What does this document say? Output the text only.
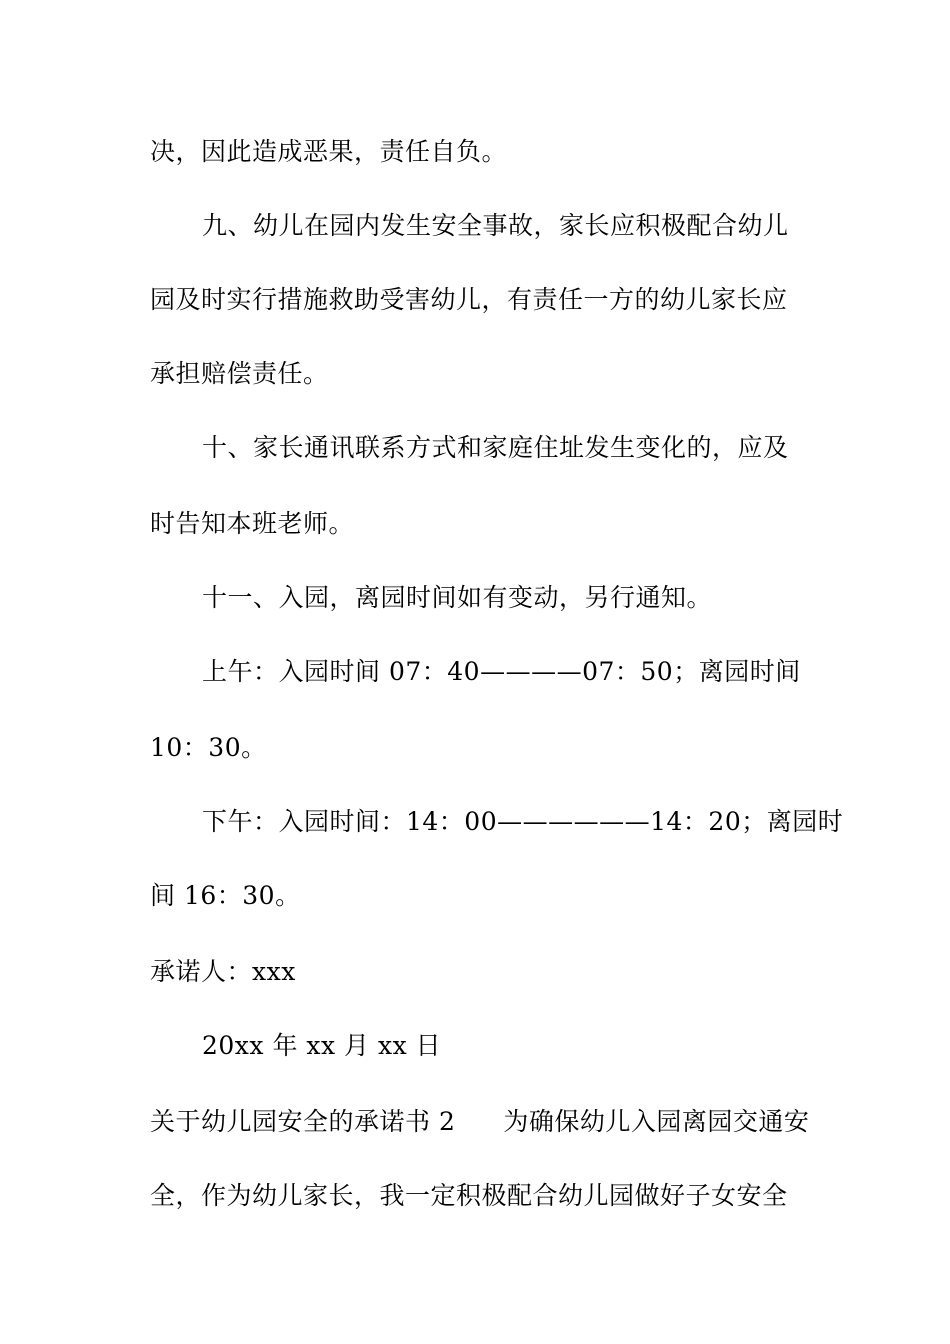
决，因此造成恶果，责任自负。
九、幼儿在园内发生安全事故，家长应积极配合幼儿
园及时实行措施救助受害幼儿，有责任一方的幼儿家长应
承担赔偿责任。
十、家长通讯联系方式和家庭住址发生变化的，应及
时告知本班老师。
十一、入园，离园时间如有变动，另行通知。
上午：入园时间 07：40————07：50；离园时间
10：30。
下午：入园时间：14：00——————14：20；离园时
间 16：30。
承诺人：xxx
20xx 年 xx 月 xx 日
关于幼儿园安全的承诺书 2 为确保幼儿入园离园交通安
全，作为幼儿家长，我一定积极配合幼儿园做好子女安全
